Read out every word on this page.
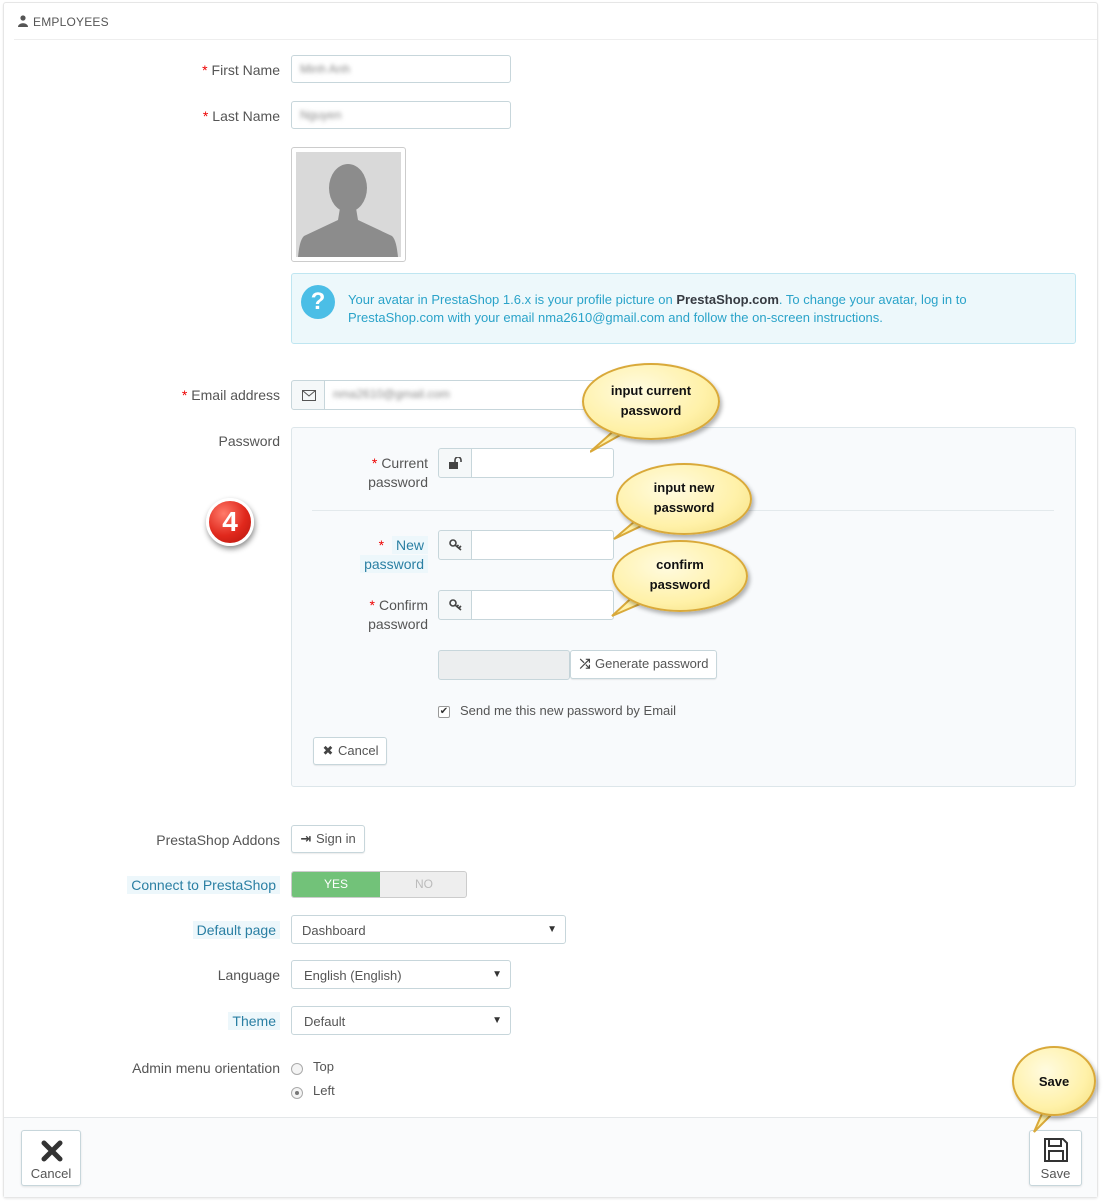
EMPLOYEES
* First Name	Minh Anh
* Last Name	Nguyen
?	Your avatar in PrestaShop 1.6.x is your profile picture on PrestaShop.com. To change your avatar, log in to PrestaShop.com with your email nma2610@gmail.com and follow the on-screen instructions.
* Email address	nma2610@gmail.com
Password
* Current
password
* New
password
* Confirm
password
⤮ Generate password
✔ Send me this new password by Email
✖ Cancel
PrestaShop Addons	⇥ Sign in
Connect to PrestaShop	YES	NO
Default page	Dashboard	▼
Language	English (English)	▼
Theme	Default	▼
Admin menu orientation	Top
Left
Cancel	Save
4
input current
password
input new
password
confirm
password
Save
